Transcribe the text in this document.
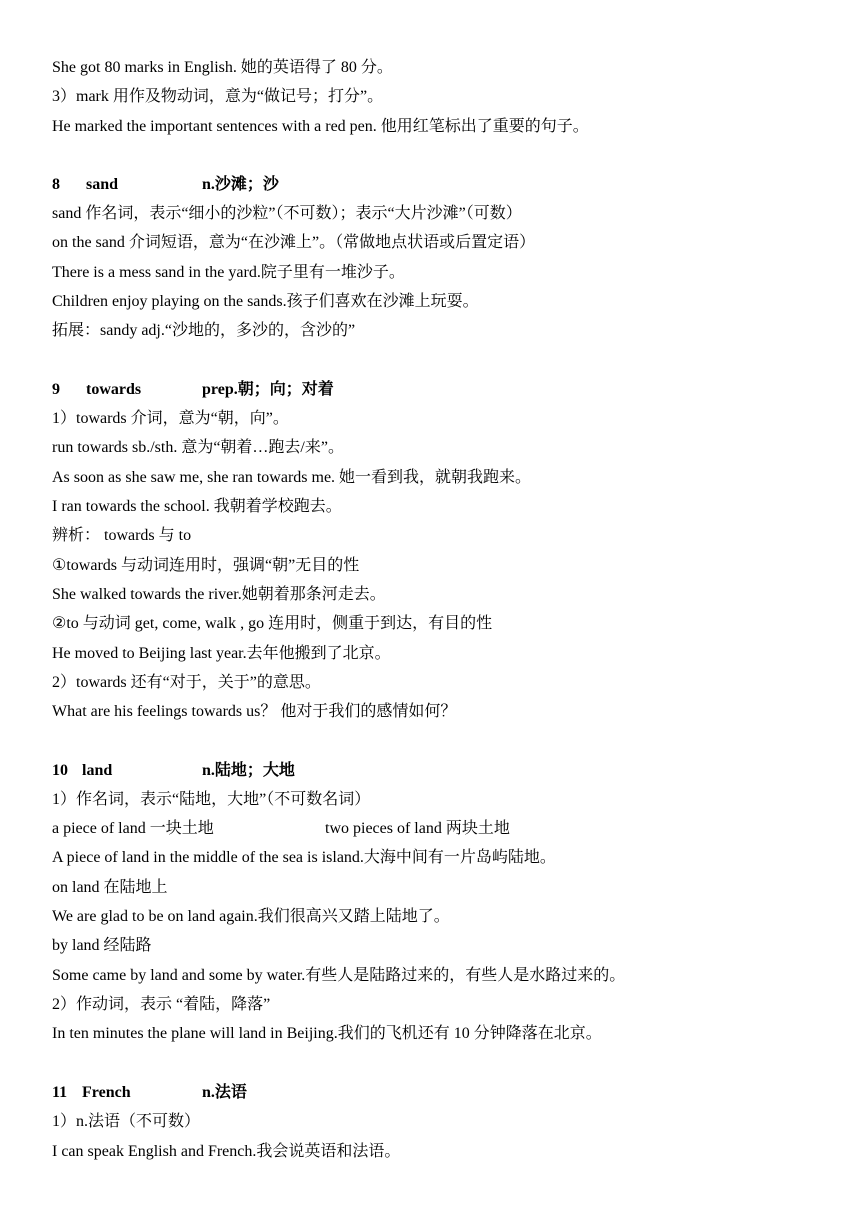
She got 80 marks in English. 她的英语得了 80 分。
3）mark 用作及物动词，意为“做记号；打分”。
He marked the important sentences with a red pen. 他用红笔标出了重要的句子。
8 sand	n.沙滩；沙
sand 作名词，表示“细小的沙粒”（不可数）；表示“大片沙滩”（可数）
on the sand 介词短语，意为“在沙滩上”。（常做地点状语或后置定语）
There is a mess sand in the yard.院子里有一堆沙子。
Children enjoy playing on the sands.孩子们喜欢在沙滩上玩耍。
拓展：sandy adj.“沙地的，多沙的，含沙的”
9 towards	prep.朝；向；对着
1）towards 介词，意为“朝，向”。
run towards sb./sth. 意为“朝着…跑去/来”。
As soon as she saw me, she ran towards me. 她一看到我，就朝我跑来。
I ran towards the school. 我朝着学校跑去。
辨析： towards 与 to
①towards 与动词连用时，强调“朝”无目的性
She walked towards the river.她朝着那条河走去。
②to 与动词 get, come, walk , go 连用时，侧重于到达，有目的性
He moved to Beijing last year.去年他搬到了北京。
2）towards 还有“对于，关于”的意思。
What are his feelings towards us？ 他对于我们的感情如何？
10 land	n.陆地；大地
1）作名词，表示“陆地，大地”（不可数名词）
a piece of land 一块土地	two pieces of land 两块土地
A piece of land in the middle of the sea is island.大海中间有一片岛屿陆地。
on land 在陆地上
We are glad to be on land again.我们很高兴又踏上陆地了。
by land 经陆路
Some came by land and some by water.有些人是陆路过来的，有些人是水路过来的。
2）作动词，表示 “着陆，降落”
In ten minutes the plane will land in Beijing.我们的飞机还有 10 分钟降落在北京。
11 French	n.法语
1）n.法语（不可数）
I can speak English and French.我会说英语和法语。
